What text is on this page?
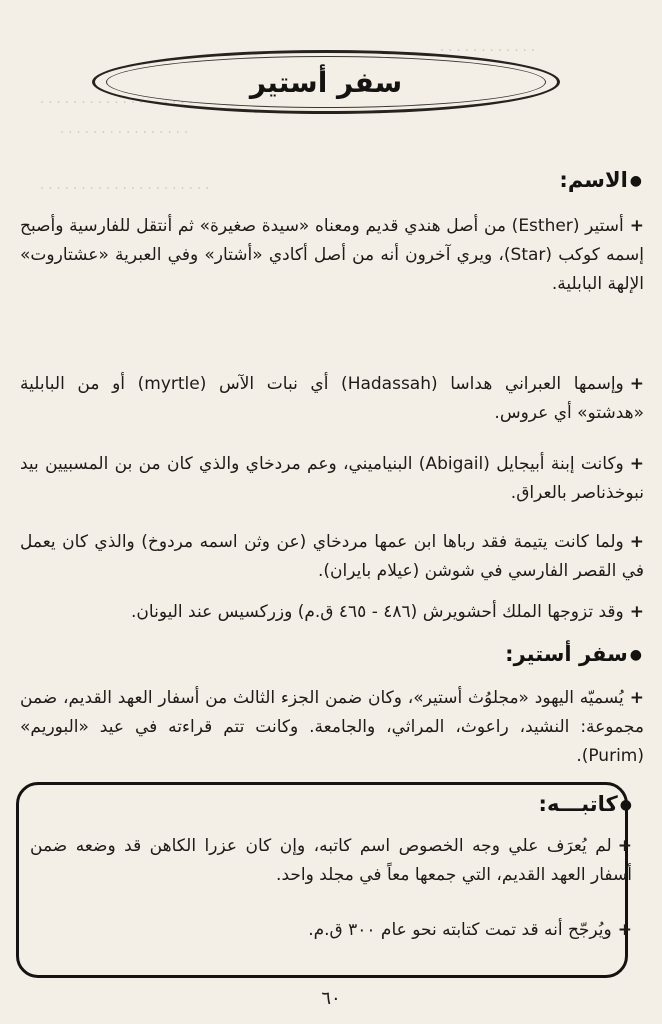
. . . . . . . . . . . .
. . . . . . . . . . . . . . . . . . .
. . . . . . . . . . . . . . . .
. . . . . . . . . . . . . . . . . . . . .
سفر أستير
●الاسم:
+أستير (Esther) من أصل هندي قديم ومعناه «سيدة صغيرة» ثم أنتقل للفارسية وأصبح إسمه كوكب (Star)، ويري آخرون أنه من أصل أكادي «أشتار» وفي العبرية «عشتاروت» الإلهة البابلية.
+وإسمها العبراني هداسا (Hadassah) أي نبات الآس (myrtle) أو من البابلية «هدشتو» أي عروس.
+وكانت إبنة أبيجايل (Abigail) البنياميني، وعم مردخاي والذي كان من بن المسبيين بيد نبوخذناصر بالعراق.
+ولما كانت يتيمة فقد رباها ابن عمها مردخاي (عن وثن اسمه مردوخ) والذي كان يعمل في القصر الفارسي في شوشن (عيلام بايران).
+وقد تزوجها الملك أحشويرش (٤٨٦ - ٤٦٥ ق.م) وزركسيس عند اليونان.
●سفر أستير:
+يُسميّه اليهود «مجلوُث أستير»، وكان ضمن الجزء الثالث من أسفار العهد القديم، ضمن مجموعة: النشيد، راعوث، المراثي، والجامعة. وكانت تتم قراءته في عيد «البوريم» (Purim).
●كاتبـــه:
+لم يُعرَف علي وجه الخصوص اسم كاتبه، وإن كان عزرا الكاهن قد وضعه ضمن أسفار العهد القديم، التي جمعها معاً في مجلد واحد.
+ويُرجّح أنه قد تمت كتابته نحو عام ٣٠٠ ق.م.
٦٠
